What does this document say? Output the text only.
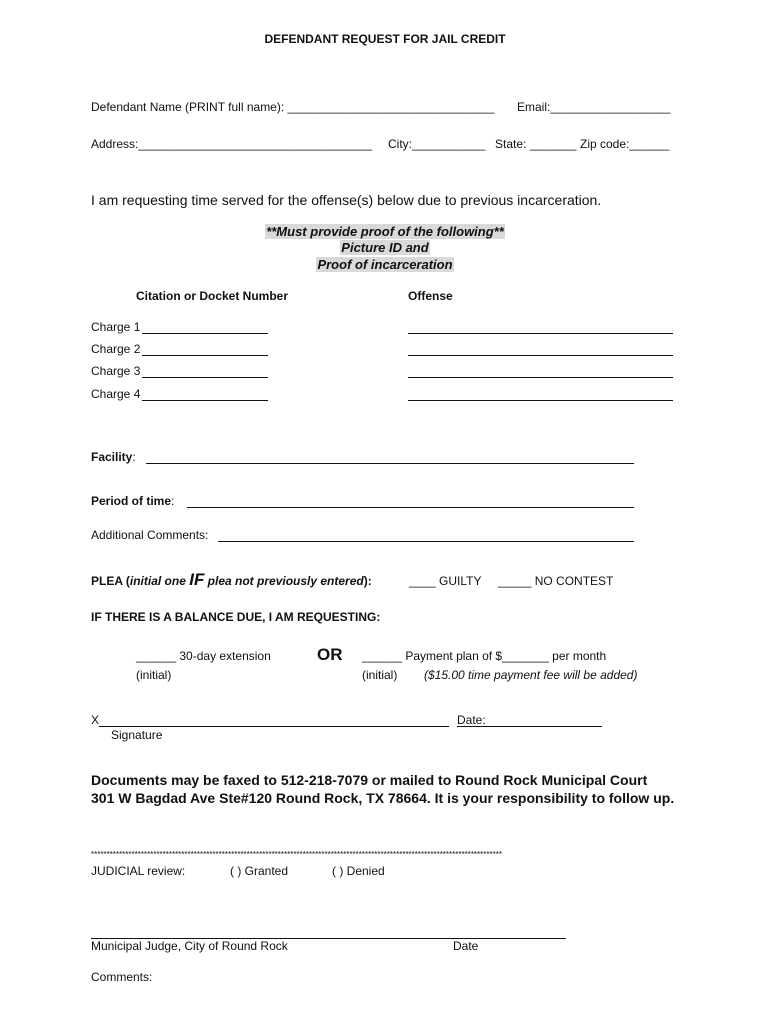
DEFENDANT REQUEST FOR JAIL CREDIT
Defendant Name (PRINT full name): _______________________________ Email:__________________
Address:___________________________________ City:___________ State: _______ Zip code:______
I am requesting time served for the offense(s) below due to previous incarceration.
**Must provide proof of the following**
Picture ID and
Proof of incarceration
Citation or Docket Number	Offense
Charge 1
Charge 2
Charge 3
Charge 4
Facility:
Period of time:
Additional Comments:
PLEA (initial one IF plea not previously entered):	____ GUILTY _____ NO CONTEST
IF THERE IS A BALANCE DUE, I AM REQUESTING:
______ 30-day extension
(initial)
OR ______ Payment plan of $_______ per month
(initial) ($15.00 time payment fee will be added)
X	Date:
Signature
Documents may be faxed to 512-218-7079 or mailed to Round Rock Municipal Court
301 W Bagdad Ave Ste#120 Round Rock, TX 78664. It is your responsibility to follow up.
************************************************************************************************************************************
JUDICIAL review:	( ) Granted	( ) Denied
Municipal Judge, City of Round Rock	Date
Comments:
